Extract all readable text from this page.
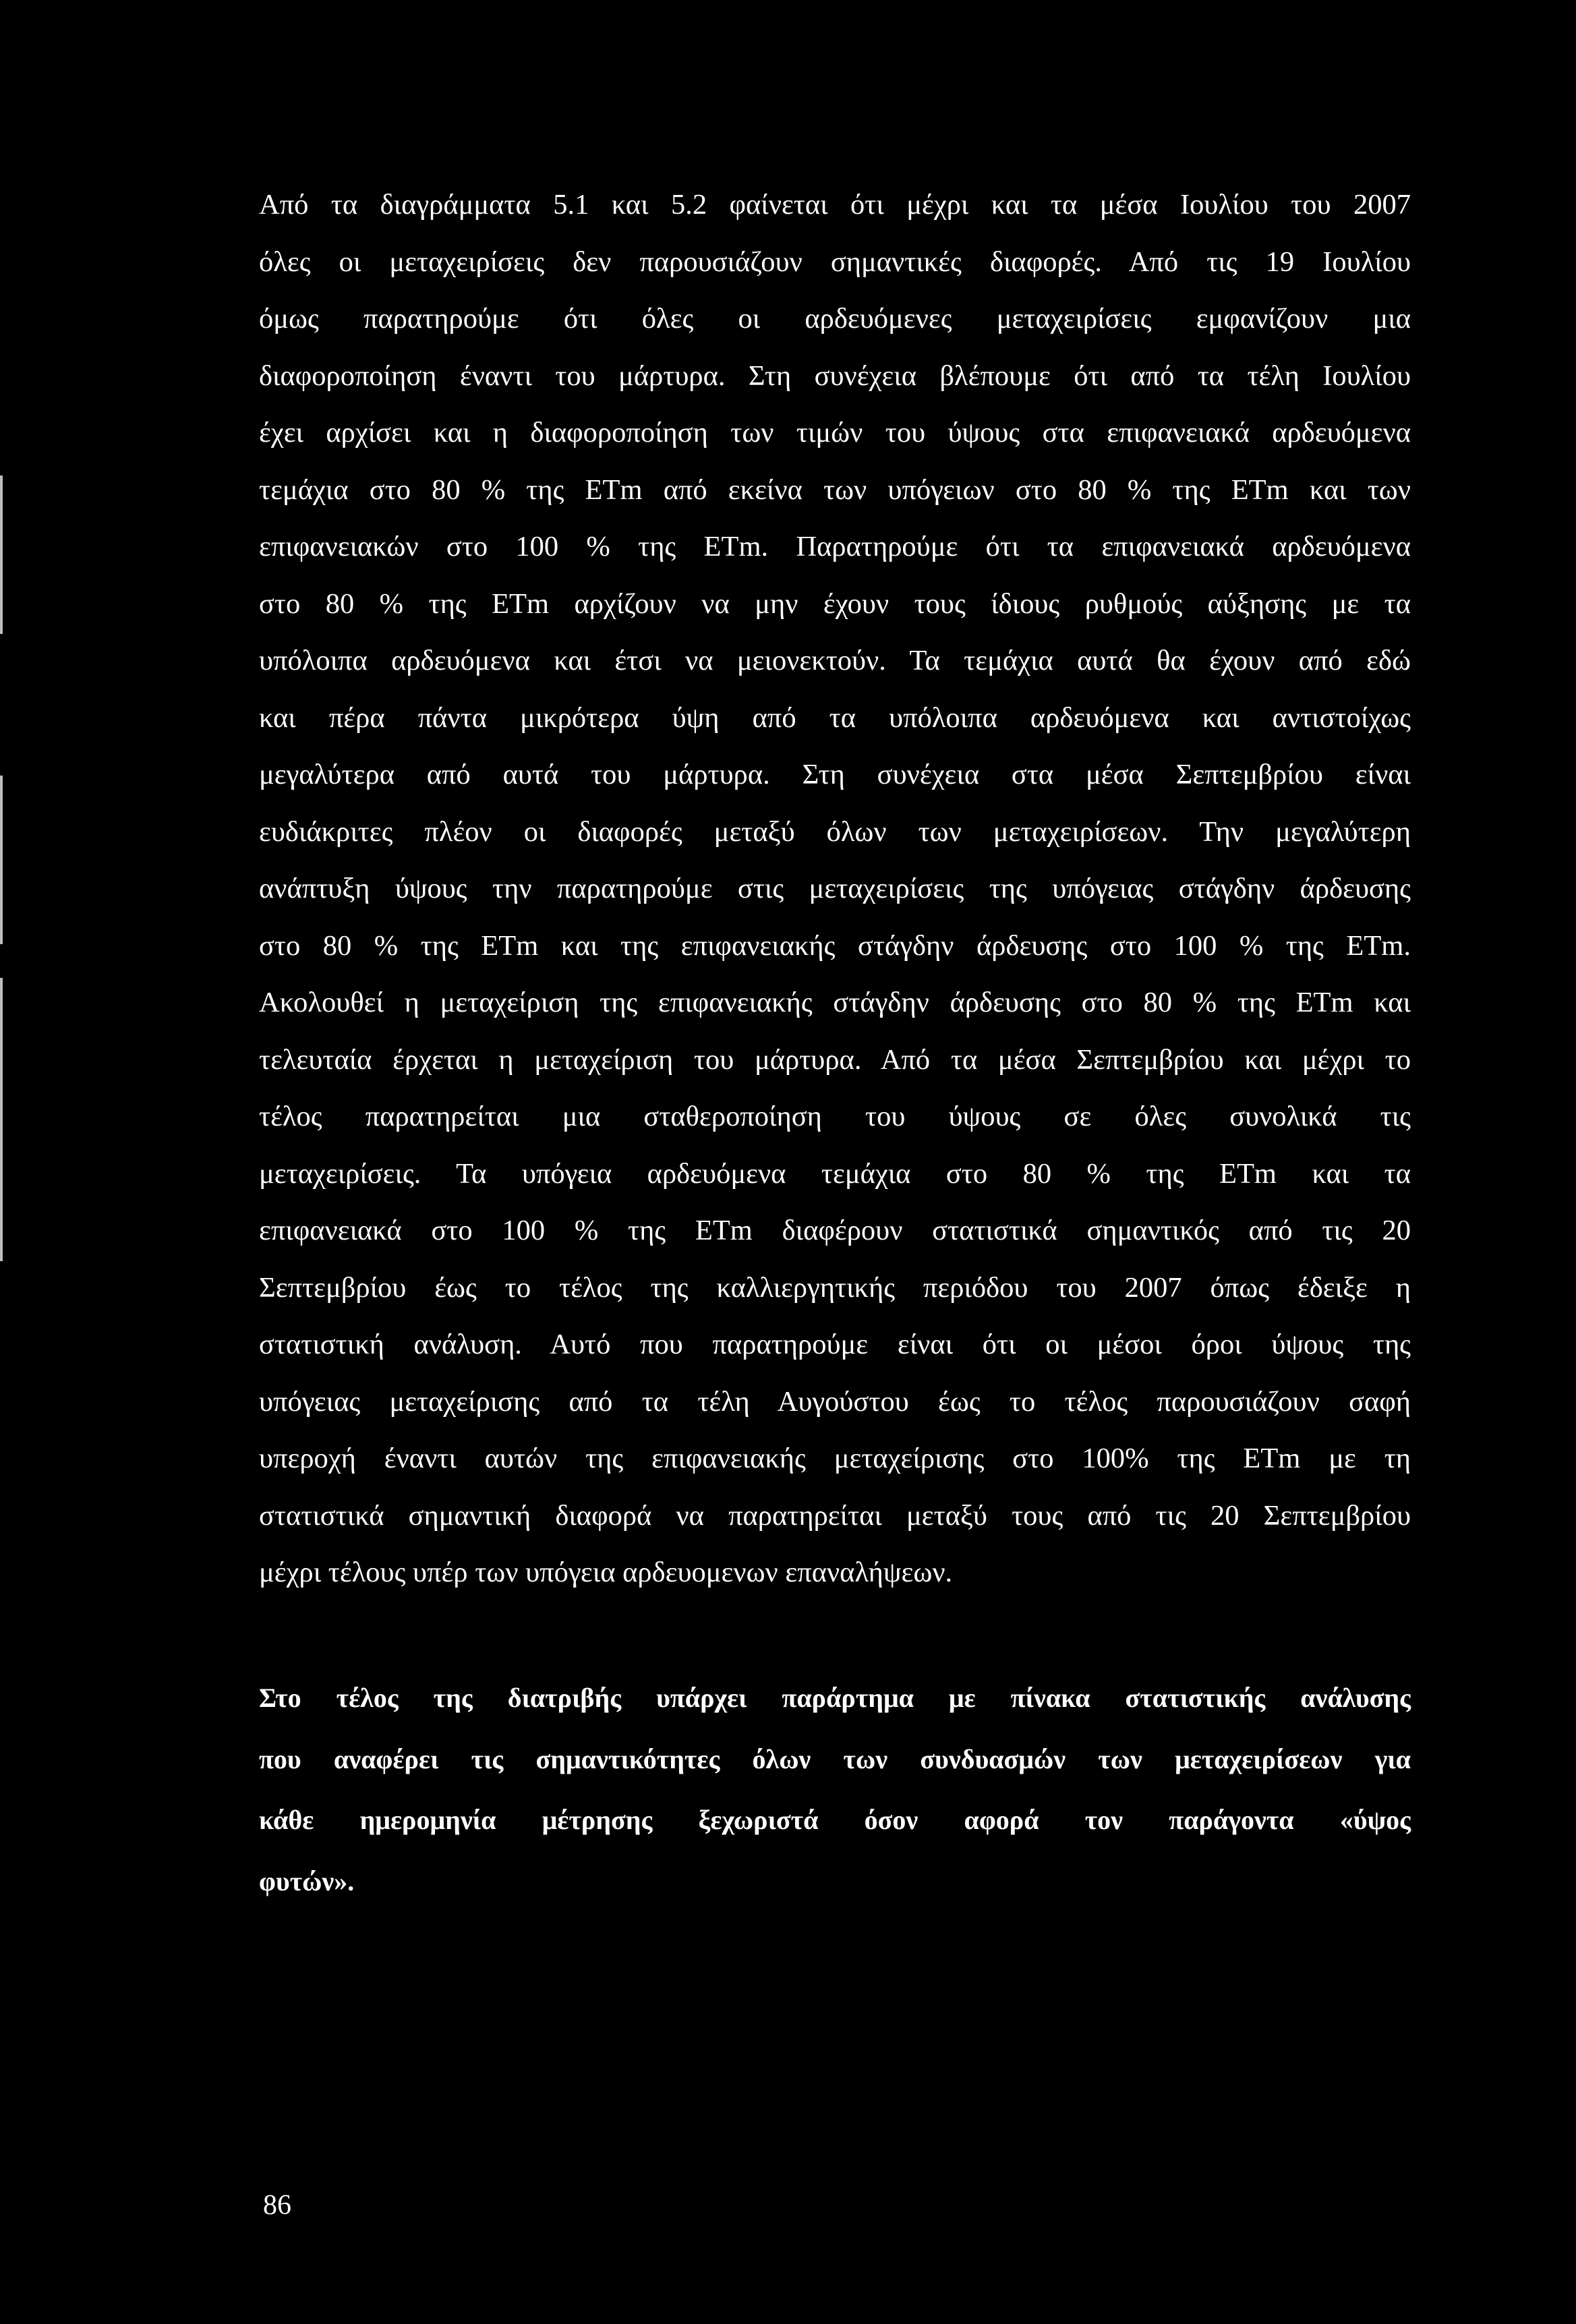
Από τα διαγράμματα 5.1 και 5.2 φαίνεται ότι μέχρι και τα μέσα Ιουλίου του 2007
όλες οι μεταχειρίσεις δεν παρουσιάζουν σημαντικές διαφορές. Από τις 19 Ιουλίου
όμως παρατηρούμε ότι όλες οι αρδευόμενες μεταχειρίσεις εμφανίζουν μια
διαφοροποίηση έναντι του μάρτυρα. Στη συνέχεια βλέπουμε ότι από τα τέλη Ιουλίου
έχει αρχίσει και η διαφοροποίηση των τιμών του ύψους στα επιφανειακά αρδευόμενα
τεμάχια στο 80 % της ETm από εκείνα των υπόγειων στο 80 % της ETm και των
επιφανειακών στο 100 % της ETm. Παρατηρούμε ότι τα επιφανειακά αρδευόμενα
στο 80 % της ETm αρχίζουν να μην έχουν τους ίδιους ρυθμούς αύξησης με τα
υπόλοιπα αρδευόμενα και έτσι να μειονεκτούν. Τα τεμάχια αυτά θα έχουν από εδώ
και πέρα πάντα μικρότερα ύψη από τα υπόλοιπα αρδευόμενα και αντιστοίχως
μεγαλύτερα από αυτά του μάρτυρα. Στη συνέχεια στα μέσα Σεπτεμβρίου είναι
ευδιάκριτες πλέον οι διαφορές μεταξύ όλων των μεταχειρίσεων. Την μεγαλύτερη
ανάπτυξη ύψους την παρατηρούμε στις μεταχειρίσεις της υπόγειας στάγδην άρδευσης
στο 80 % της ETm και της επιφανειακής στάγδην άρδευσης στο 100 % της ETm.
Ακολουθεί η μεταχείριση της επιφανειακής στάγδην άρδευσης στο 80 % της ETm και
τελευταία έρχεται η μεταχείριση του μάρτυρα. Από τα μέσα Σεπτεμβρίου και μέχρι το
τέλος παρατηρείται μια σταθεροποίηση του ύψους σε όλες συνολικά τις
μεταχειρίσεις. Τα υπόγεια αρδευόμενα τεμάχια στο 80 % της ETm και τα
επιφανειακά στο 100 % της ETm διαφέρουν στατιστικά σημαντικός από τις 20
Σεπτεμβρίου έως το τέλος της καλλιεργητικής περιόδου του 2007 όπως έδειξε η
στατιστική ανάλυση. Αυτό που παρατηρούμε είναι ότι οι μέσοι όροι ύψους της
υπόγειας μεταχείρισης από τα τέλη Αυγούστου έως το τέλος παρουσιάζουν σαφή
υπεροχή έναντι αυτών της επιφανειακής μεταχείρισης στο 100% της ETm με τη
στατιστικά σημαντική διαφορά να παρατηρείται μεταξύ τους από τις 20 Σεπτεμβρίου
μέχρι τέλους υπέρ των υπόγεια αρδευομενων επαναλήψεων.
Στο τέλος της διατριβής υπάρχει παράρτημα με πίνακα στατιστικής ανάλυσης
που αναφέρει τις σημαντικότητες όλων των συνδυασμών των μεταχειρίσεων για
κάθε ημερομηνία μέτρησης ξεχωριστά όσον αφορά τον παράγοντα «ύψος
φυτών».
86
